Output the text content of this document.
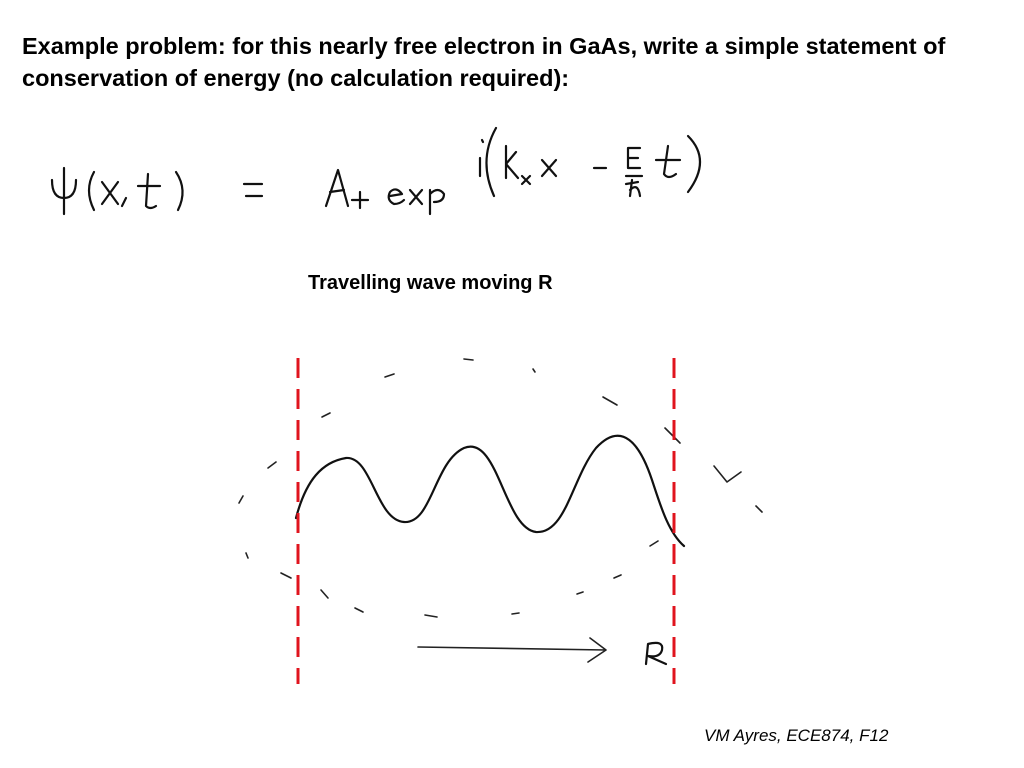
Example problem: for this nearly free electron in GaAs, write a simple statement of conservation of energy (no calculation required):

Travelling wave moving R

VM Ayres, ECE874, F12
